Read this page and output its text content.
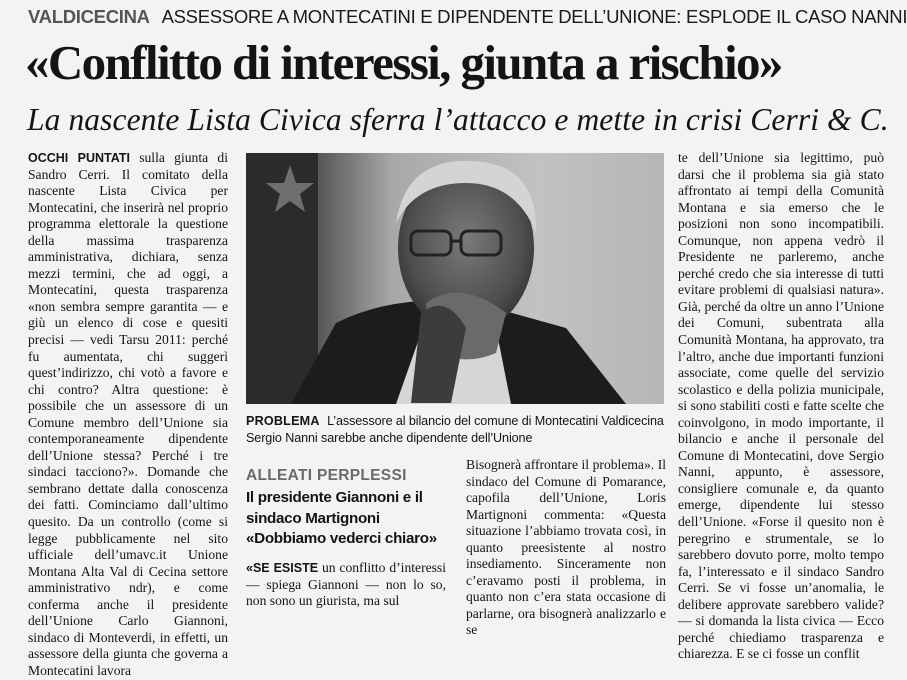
VALDICECINA ASSESSORE A MONTECATINI E DIPENDENTE DELL’UNIONE: ESPLODE IL CASO NANNI
«Conflitto di interessi, giunta a rischio»
La nascente Lista Civica sferra l’attacco e mette in crisi Cerri & C.

OCCHI PUNTATI sulla giunta di Sandro Cerri. Il comitato della nascente Lista Civica per Montecatini, che inserirà nel proprio programma elettorale la questione della massima trasparenza amministrativa, dichiara, senza mezzi termini, che ad oggi, a Montecatini, questa trasparenza «non sembra sempre garantita — e giù un elenco di cose e quesiti precisi — vedi Tarsu 2011: perché fu aumentata, chi suggerì quest’indirizzo, chi votò a favore e chi contro? Altra questione: è possibile che un assessore di un Comune membro dell’Unione sia contemporaneamente dipendente dell’Unione stessa? Perché i tre sindaci tacciono?». Domande che sembrano dettate dalla conoscenza dei fatti. Cominciamo dall’ultimo quesito. Da un controllo (come si legge pubblicamente nel sito ufficiale dell’umavc.it Unione Montana Alta Val di Cecina settore amministrativo ndr), e come conferma anche il presidente dell’Unione Carlo Giannoni, sindaco di Monteverdi, in effetti, un assessore della giunta che governa a Montecatini lavora

PROBLEMA L’assessore al bilancio del comune di Montecatini Valdicecina Sergio Nanni sarebbe anche dipendente dell’Unione
ALLEATI PERPLESSI
Il presidente Giannoni e il sindaco Martignoni «Dobbiamo vederci chiaro»

«SE ESISTE un conflitto d’interessi — spiega Giannoni — non lo so, non sono un giurista, ma sul

Bisognerà affrontare il problema». Il sindaco del Comune di Pomarance, capofila dell’Unione, Loris Martignoni commenta: «Questa situazione l’abbiamo trovata così, in quanto preesistente al nostro insediamento. Sinceramente non c’eravamo posti il problema, in quanto non c’era stata occasione di parlarne, ora bisognerà analizzarlo e se

te dell’Unione sia legittimo, può darsi che il problema sia già stato affrontato ai tempi della Comunità Montana e sia emerso che le posizioni non sono incompatibili. Comunque, non appena vedrò il Presidente ne parleremo, anche perché credo che sia interesse di tutti evitare problemi di qualsiasi natura». Già, perché da oltre un anno l’Unione dei Comuni, subentrata alla Comunità Montana, ha approvato, tra l’altro, anche due importanti funzioni associate, come quelle del servizio scolastico e della polizia municipale, si sono stabiliti costi e fatte scelte che coinvolgono, in modo importante, il bilancio e anche il personale del Comune di Montecatini, dove Sergio Nanni, appunto, è assessore, consigliere comunale e, da quanto emerge, dipendente lui stesso dell’Unione. «Forse il quesito non è peregrino e strumentale, se lo sarebbero dovuto porre, molto tempo fa, l’interessato e il sindaco Sandro Cerri. Se vi fosse un’anomalia, le delibere approvate sarebbero valide? — si domanda la lista civica — Ecco perché chiediamo trasparenza e chiarezza. E se ci fosse un conflit
